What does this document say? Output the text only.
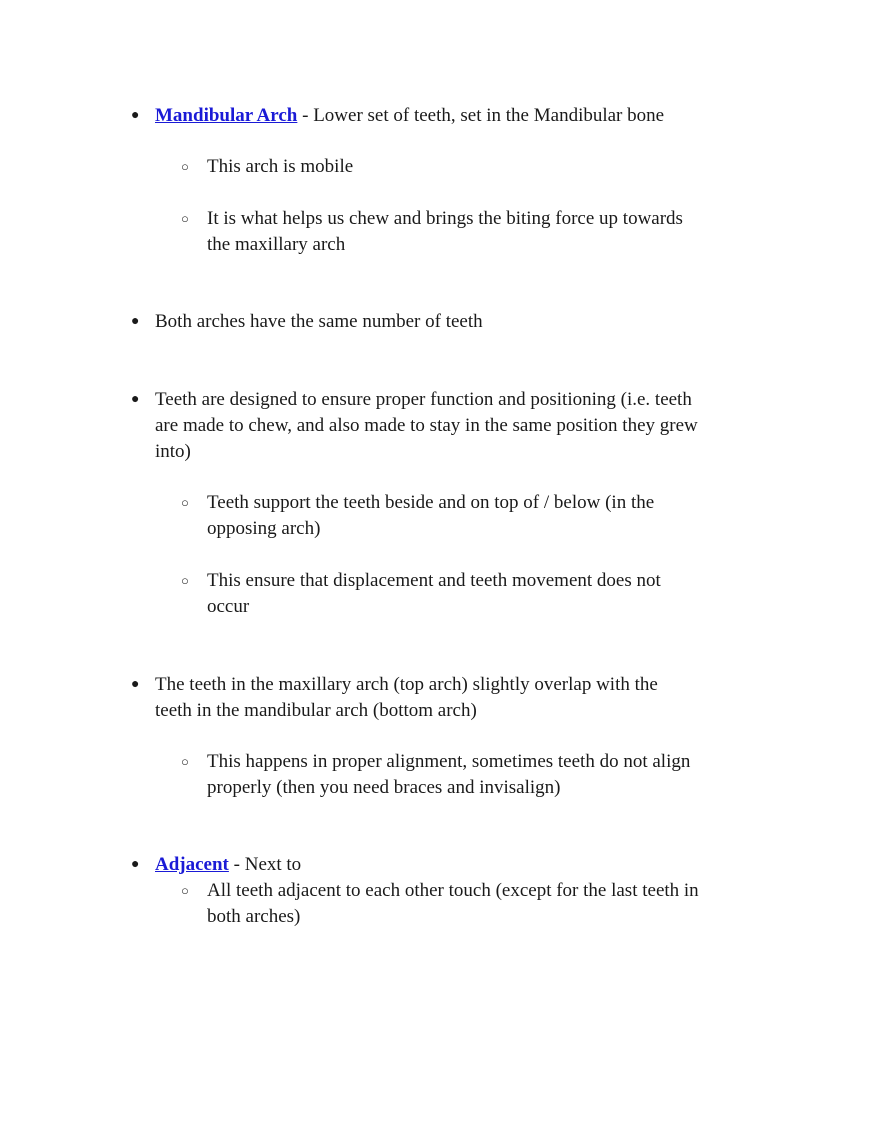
● Mandibular Arch - Lower set of teeth, set in the Mandibular bone
○ This arch is mobile
○ It is what helps us chew and brings the biting force up towards
the maxillary arch
● Both arches have the same number of teeth
● Teeth are designed to ensure proper function and positioning (i.e. teeth
are made to chew, and also made to stay in the same position they grew
into)
○ Teeth support the teeth beside and on top of / below (in the
opposing arch)
○ This ensure that displacement and teeth movement does not
occur
● The teeth in the maxillary arch (top arch) slightly overlap with the
teeth in the mandibular arch (bottom arch)
○ This happens in proper alignment, sometimes teeth do not align
properly (then you need braces and invisalign)
● Adjacent - Next to
○ All teeth adjacent to each other touch (except for the last teeth in
both arches)
